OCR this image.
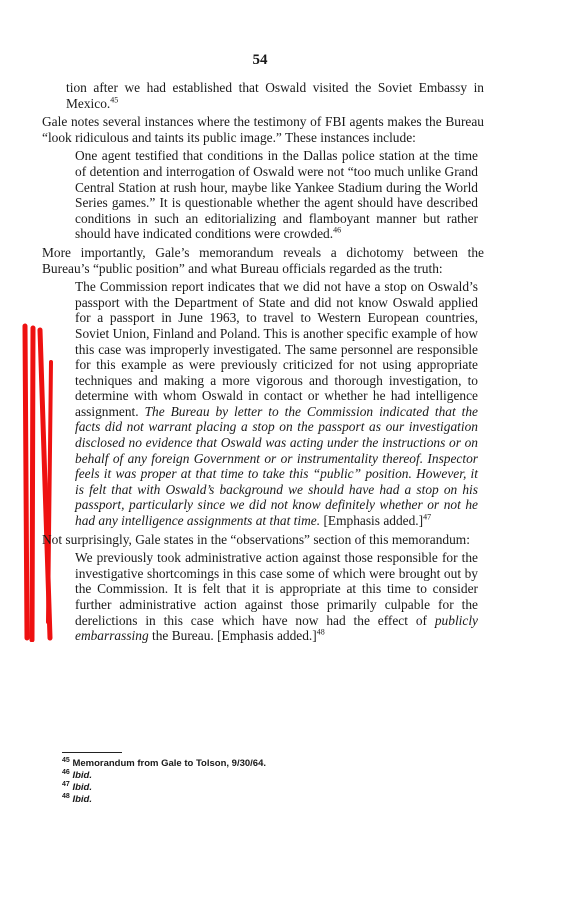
54

tion after we had established that Oswald visited the Soviet Embassy in Mexico.$^{45}$

Gale notes several instances where the testimony of FBI agents makes the Bureau “look ridiculous and taints its public image.” These instances include:

One agent testified that conditions in the Dallas police station at the time of detention and interrogation of Oswald were not “too much unlike Grand Central Station at rush hour, maybe like Yankee Stadium during the World Series games.” It is questionable whether the agent should have described conditions in such an editorializing and flamboyant manner but rather should have indicated conditions were crowded.$^{46}$

More importantly, Gale’s memorandum reveals a dichotomy between the Bureau’s “public position” and what Bureau officials regarded as the truth:

The Commission report indicates that we did not have a stop on Oswald’s passport with the Department of State and did not know Oswald applied for a passport in June 1963, to travel to Western European countries, Soviet Union, Finland and Poland. This is another specific example of how this case was improperly investigated. The same personnel are responsible for this example as were previously criticized for not using appropriate techniques and making a more vigorous and thorough investigation, to determine with whom Oswald in contact or whether he had intelligence assignment. The Bureau by letter to the Commission indicated that the facts did not warrant placing a stop on the passport as our investigation disclosed no evidence that Oswald was acting under the instructions or on behalf of any foreign Government or or instrumentality thereof. Inspector feels it was proper at that time to take this “public” position. However, it is felt that with Oswald’s background we should have had a stop on his passport, particularly since we did not know definitely whether or not he had any intelligence assignments at that time. [Emphasis added.]$^{47}$

Not surprisingly, Gale states in the “observations” section of this memorandum:

We previously took administrative action against those responsible for the investigative shortcomings in this case some of which were brought out by the Commission. It is felt that it is appropriate at this time to consider further administrative action against those primarily culpable for the derelictions in this case which have now had the effect of publicly embarrassing the Bureau. [Emphasis added.]$^{48}$

$^{45}$ Memorandum from Gale to Tolson, 9/30/64.
$^{46}$ Ibid.
$^{47}$ Ibid.
$^{48}$ Ibid.
